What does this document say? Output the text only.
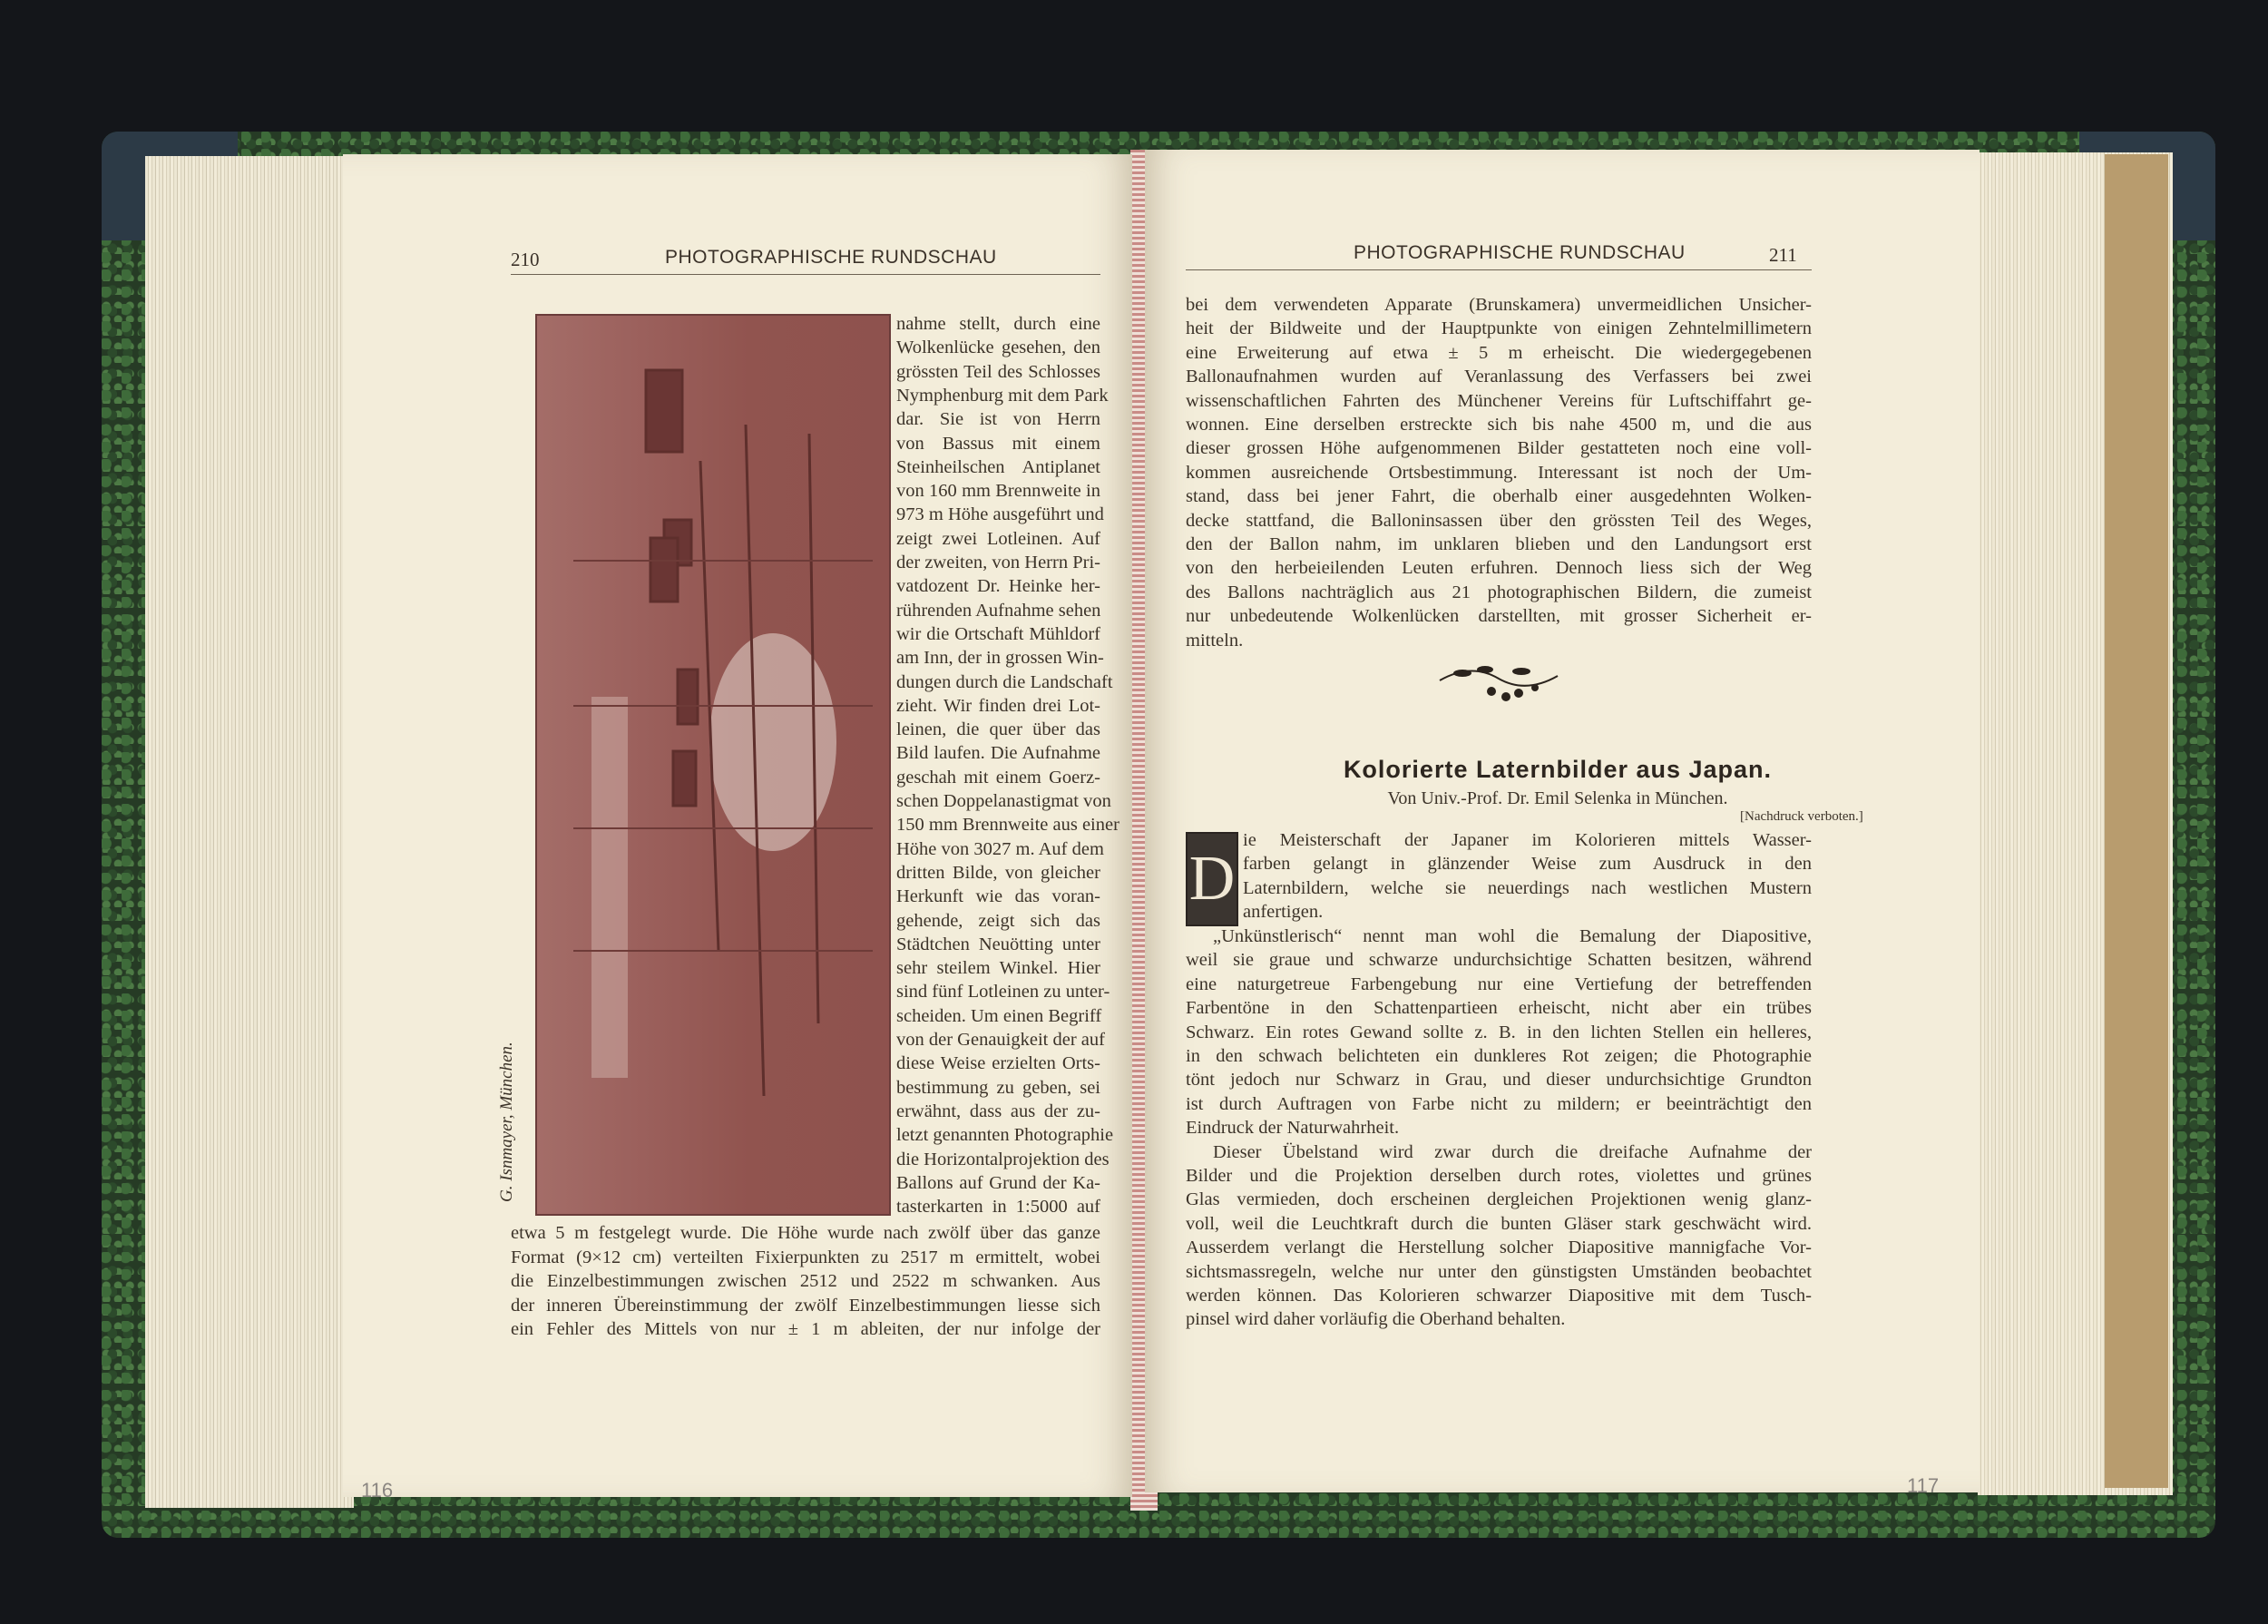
210	PHOTOGRAPHISCHE RUNDSCHAU
G. Isnmayer, München.
nahme stellt, durch eine
Wolkenlücke gesehen, den
grössten Teil des Schlosses
Nymphenburg mit dem Park
dar. Sie ist von Herrn
von Bassus mit einem
Steinheilschen Antiplanet
von 160 mm Brennweite in
973 m Höhe ausgeführt und
zeigt zwei Lotleinen. Auf
der zweiten, von Herrn Pri-
vatdozent Dr. Heinke her-
rührenden Aufnahme sehen
wir die Ortschaft Mühldorf
am Inn, der in grossen Win-
dungen durch die Landschaft
zieht. Wir finden drei Lot-
leinen, die quer über das
Bild laufen. Die Aufnahme
geschah mit einem Goerz-
schen Doppelanastigmat von
150 mm Brennweite aus einer
Höhe von 3027 m. Auf dem
dritten Bilde, von gleicher
Herkunft wie das voran-
gehende, zeigt sich das
Städtchen Neuötting unter
sehr steilem Winkel. Hier
sind fünf Lotleinen zu unter-
scheiden. Um einen Begriff
von der Genauigkeit der auf
diese Weise erzielten Orts-
bestimmung zu geben, sei
erwähnt, dass aus der zu-
letzt genannten Photographie
die Horizontalprojektion des
Ballons auf Grund der Ka-
tasterkarten in 1:5000 auf
etwa 5 m festgelegt wurde. Die Höhe wurde nach zwölf über das ganze
Format (9×12 cm) verteilten Fixierpunkten zu 2517 m ermittelt, wobei
die Einzelbestimmungen zwischen 2512 und 2522 m schwanken. Aus
der inneren Übereinstimmung der zwölf Einzelbestimmungen liesse sich
ein Fehler des Mittels von nur ± 1 m ableiten, der nur infolge der
116
PHOTOGRAPHISCHE RUNDSCHAU	211
bei dem verwendeten Apparate (Brunskamera) unvermeidlichen Unsicher-
heit der Bildweite und der Hauptpunkte von einigen Zehntelmillimetern
eine Erweiterung auf etwa ± 5 m erheischt. Die wiedergegebenen
Ballonaufnahmen wurden auf Veranlassung des Verfassers bei zwei
wissenschaftlichen Fahrten des Münchener Vereins für Luftschiffahrt ge-
wonnen. Eine derselben erstreckte sich bis nahe 4500 m, und die aus
dieser grossen Höhe aufgenommenen Bilder gestatteten noch eine voll-
kommen ausreichende Ortsbestimmung. Interessant ist noch der Um-
stand, dass bei jener Fahrt, die oberhalb einer ausgedehnten Wolken-
decke stattfand, die Balloninsassen über den grössten Teil des Weges,
den der Ballon nahm, im unklaren blieben und den Landungsort erst
von den herbeieilenden Leuten erfuhren. Dennoch liess sich der Weg
des Ballons nachträglich aus 21 photographischen Bildern, die zumeist
nur unbedeutende Wolkenlücken darstellten, mit grosser Sicherheit er-
mitteln.
Kolorierte Laternbilder aus Japan.
Von Univ.-Prof. Dr. Emil Selenka in München.
[Nachdruck verboten.]
D
ie Meisterschaft der Japaner im Kolorieren mittels Wasser-
farben gelangt in glänzender Weise zum Ausdruck in den
Laternbildern, welche sie neuerdings nach westlichen Mustern
anfertigen.
„Unkünstlerisch“ nennt man wohl die Bemalung der Diapositive,
weil sie graue und schwarze undurchsichtige Schatten besitzen, während
eine naturgetreue Farbengebung nur eine Vertiefung der betreffenden
Farbentöne in den Schattenpartieen erheischt, nicht aber ein trübes
Schwarz. Ein rotes Gewand sollte z. B. in den lichten Stellen ein helleres,
in den schwach belichteten ein dunkleres Rot zeigen; die Photographie
tönt jedoch nur Schwarz in Grau, und dieser undurchsichtige Grundton
ist durch Auftragen von Farbe nicht zu mildern; er beeinträchtigt den
Eindruck der Naturwahrheit.
Dieser Übelstand wird zwar durch die dreifache Aufnahme der
Bilder und die Projektion derselben durch rotes, violettes und grünes
Glas vermieden, doch erscheinen dergleichen Projektionen wenig glanz-
voll, weil die Leuchtkraft durch die bunten Gläser stark geschwächt wird.
Ausserdem verlangt die Herstellung solcher Diapositive mannigfache Vor-
sichtsmassregeln, welche nur unter den günstigsten Umständen beobachtet
werden können. Das Kolorieren schwarzer Diapositive mit dem Tusch-
pinsel wird daher vorläufig die Oberhand behalten.
117
